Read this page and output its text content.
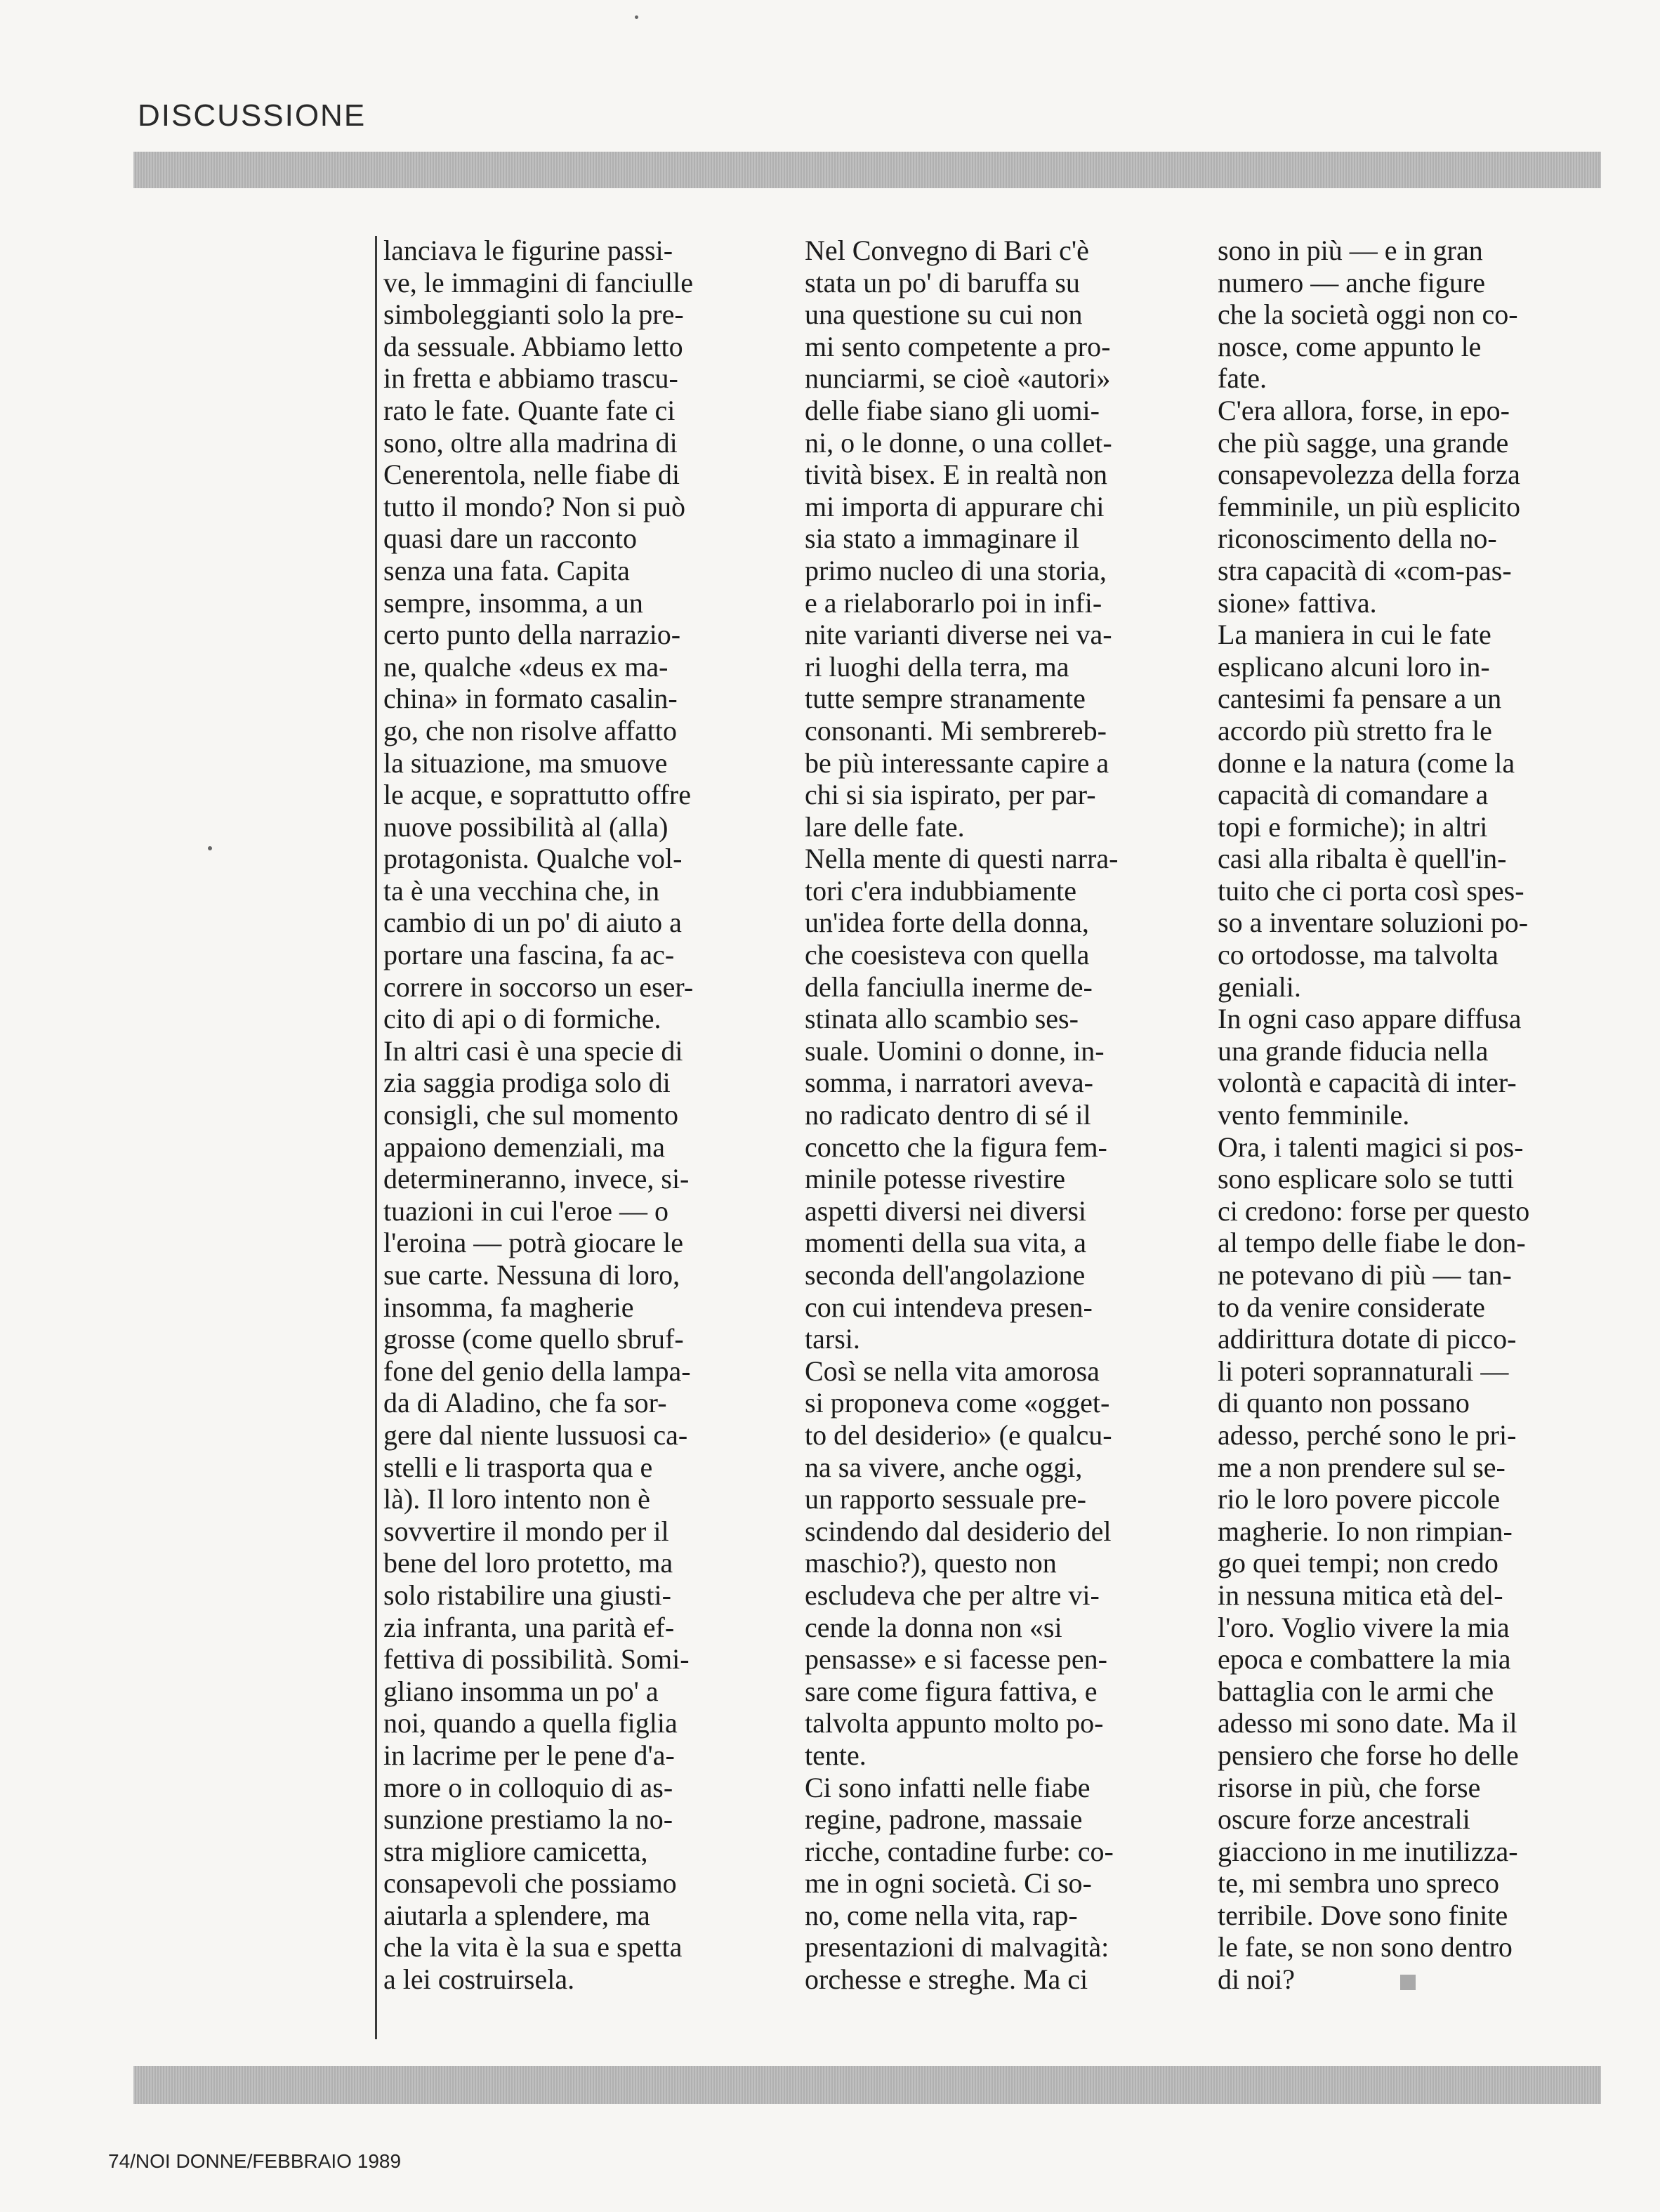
DISCUSSIONE
lanciava le figurine passi-
ve, le immagini di fanciulle
simboleggianti solo la pre-
da sessuale. Abbiamo letto
in fretta e abbiamo trascu-
rato le fate. Quante fate ci
sono, oltre alla madrina di
Cenerentola, nelle fiabe di
tutto il mondo? Non si può
quasi dare un racconto
senza una fata. Capita
sempre, insomma, a un
certo punto della narrazio-
ne, qualche «deus ex ma-
china» in formato casalin-
go, che non risolve affatto
la situazione, ma smuove
le acque, e soprattutto offre
nuove possibilità al (alla)
protagonista. Qualche vol-
ta è una vecchina che, in
cambio di un po' di aiuto a
portare una fascina, fa ac-
correre in soccorso un eser-
cito di api o di formiche.
In altri casi è una specie di
zia saggia prodiga solo di
consigli, che sul momento
appaiono demenziali, ma
determineranno, invece, si-
tuazioni in cui l'eroe — o
l'eroina — potrà giocare le
sue carte. Nessuna di loro,
insomma, fa magherie
grosse (come quello sbruf-
fone del genio della lampa-
da di Aladino, che fa sor-
gere dal niente lussuosi ca-
stelli e li trasporta qua e
là). Il loro intento non è
sovvertire il mondo per il
bene del loro protetto, ma
solo ristabilire una giusti-
zia infranta, una parità ef-
fettiva di possibilità. Somi-
gliano insomma un po' a
noi, quando a quella figlia
in lacrime per le pene d'a-
more o in colloquio di as-
sunzione prestiamo la no-
stra migliore camicetta,
consapevoli che possiamo
aiutarla a splendere, ma
che la vita è la sua e spetta
a lei costruirsela.
Nel Convegno di Bari c'è
stata un po' di baruffa su
una questione su cui non
mi sento competente a pro-
nunciarmi, se cioè «autori»
delle fiabe siano gli uomi-
ni, o le donne, o una collet-
tività bisex. E in realtà non
mi importa di appurare chi
sia stato a immaginare il
primo nucleo di una storia,
e a rielaborarlo poi in infi-
nite varianti diverse nei va-
ri luoghi della terra, ma
tutte sempre stranamente
consonanti. Mi sembrereb-
be più interessante capire a
chi si sia ispirato, per par-
lare delle fate.
Nella mente di questi narra-
tori c'era indubbiamente
un'idea forte della donna,
che coesisteva con quella
della fanciulla inerme de-
stinata allo scambio ses-
suale. Uomini o donne, in-
somma, i narratori aveva-
no radicato dentro di sé il
concetto che la figura fem-
minile potesse rivestire
aspetti diversi nei diversi
momenti della sua vita, a
seconda dell'angolazione
con cui intendeva presen-
tarsi.
Così se nella vita amorosa
si proponeva come «ogget-
to del desiderio» (e qualcu-
na sa vivere, anche oggi,
un rapporto sessuale pre-
scindendo dal desiderio del
maschio?), questo non
escludeva che per altre vi-
cende la donna non «si
pensasse» e si facesse pen-
sare come figura fattiva, e
talvolta appunto molto po-
tente.
Ci sono infatti nelle fiabe
regine, padrone, massaie
ricche, contadine furbe: co-
me in ogni società. Ci so-
no, come nella vita, rap-
presentazioni di malvagità:
orchesse e streghe. Ma ci
sono in più — e in gran
numero — anche figure
che la società oggi non co-
nosce, come appunto le
fate.
C'era allora, forse, in epo-
che più sagge, una grande
consapevolezza della forza
femminile, un più esplicito
riconoscimento della no-
stra capacità di «com-pas-
sione» fattiva.
La maniera in cui le fate
esplicano alcuni loro in-
cantesimi fa pensare a un
accordo più stretto fra le
donne e la natura (come la
capacità di comandare a
topi e formiche); in altri
casi alla ribalta è quell'in-
tuito che ci porta così spes-
so a inventare soluzioni po-
co ortodosse, ma talvolta
geniali.
In ogni caso appare diffusa
una grande fiducia nella
volontà e capacità di inter-
vento femminile.
Ora, i talenti magici si pos-
sono esplicare solo se tutti
ci credono: forse per questo
al tempo delle fiabe le don-
ne potevano di più — tan-
to da venire considerate
addirittura dotate di picco-
li poteri soprannaturali —
di quanto non possano
adesso, perché sono le pri-
me a non prendere sul se-
rio le loro povere piccole
magherie. Io non rimpian-
go quei tempi; non credo
in nessuna mitica età del-
l'oro. Voglio vivere la mia
epoca e combattere la mia
battaglia con le armi che
adesso mi sono date. Ma il
pensiero che forse ho delle
risorse in più, che forse
oscure forze ancestrali
giacciono in me inutilizza-
te, mi sembra uno spreco
terribile. Dove sono finite
le fate, se non sono dentro
di noi?
74/NOI DONNE/FEBBRAIO 1989
